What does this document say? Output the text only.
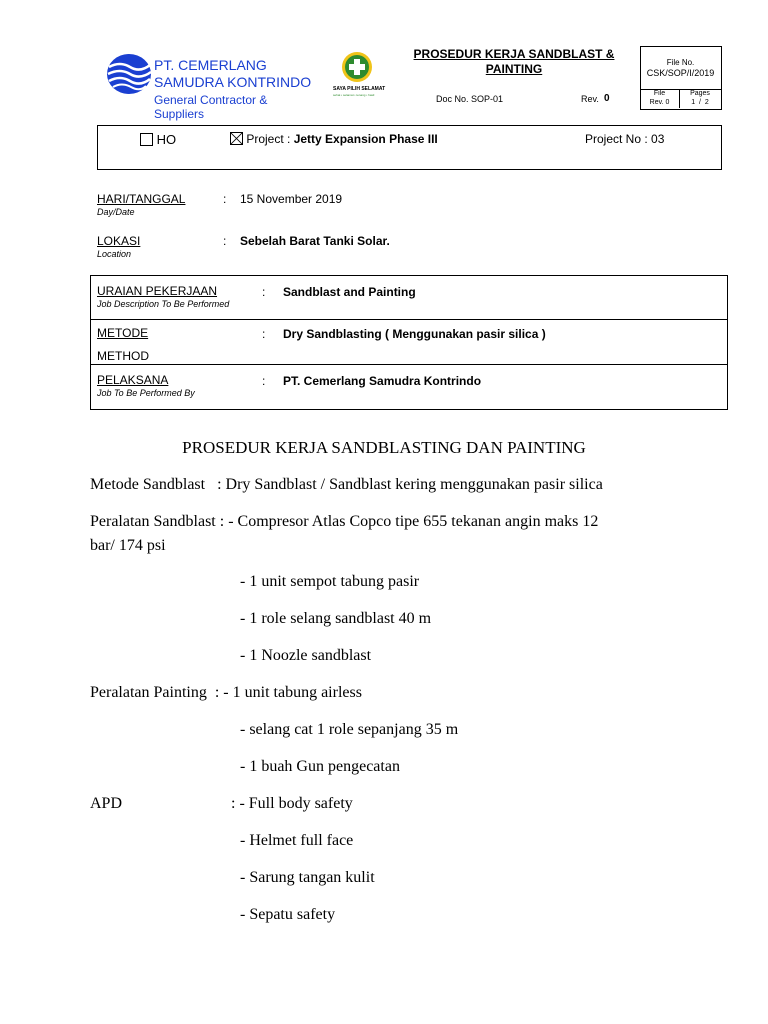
PT. CEMERLANG
SAMUDRA KONTRINDO
General Contractor &
Suppliers
SAYA PILIH SELAMAT
sehat • selamat • tenang • hasil
PROSEDUR KERJA SANDBLAST &
PAINTING
Doc No. SOP-01	Rev. 0
File No.
CSK/SOP/I/2019
File
Rev. 0
Pages
1  /  2
HO	Project : Jetty Expansion Phase III	Project No : 03
HARI/TANGGAL
Day/Date
: 15 November 2019
LOKASI
Location
: Sebelah Barat Tanki Solar.
URAIAN PEKERJAAN
Job Description To Be Performed
: Sandblast and Painting
METODE
METHOD
: Dry Sandblasting ( Menggunakan pasir silica )
PELAKSANA
Job To Be Performed By
: PT. Cemerlang Samudra Kontrindo
PROSEDUR KERJA SANDBLASTING DAN PAINTING
Metode Sandblast   : Dry Sandblast / Sandblast kering menggunakan pasir silica
Peralatan Sandblast : - Compresor Atlas Copco tipe 655 tekanan angin maks 12
bar/ 174 psi
- 1 unit sempot tabung pasir
- 1 role selang sandblast 40 m
- 1 Noozle sandblast
Peralatan Painting  : - 1 unit tabung airless
- selang cat 1 role sepanjang 35 m
- 1 buah Gun pengecatan
APD	: - Full body safety
- Helmet full face
- Sarung tangan kulit
- Sepatu safety
